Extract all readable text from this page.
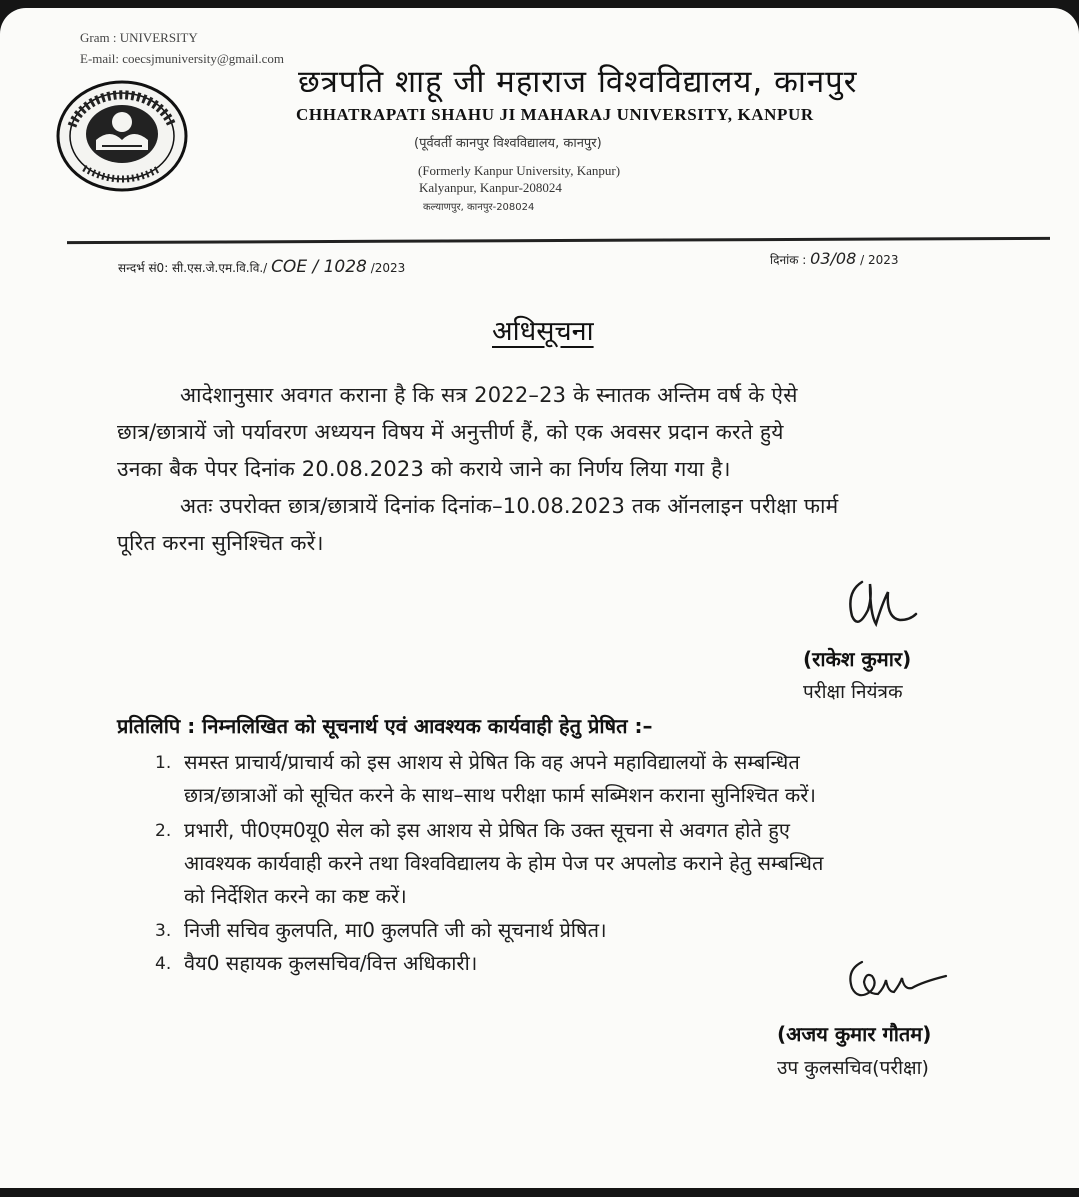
Gram : UNIVERSITY
E-mail: coecsjmuniversity@gmail.com
छत्रपति शाहू जी महाराज विश्वविद्यालय, कानपुर
CHHATRAPATI SHAHU JI MAHARAJ UNIVERSITY, KANPUR
(पूर्ववर्ती कानपुर विश्वविद्यालय, कानपुर)
(Formerly Kanpur University, Kanpur)
Kalyanpur, Kanpur-208024
कल्याणपुर, कानपुर-208024
सन्दर्भ सं0: सी.एस.जे.एम.वि.वि./ COE / 1028 /2023
दिनांक : 03/08 / 2023
अधिसूचना
आदेशानुसार अवगत कराना है कि सत्र 2022–23 के स्नातक अन्तिम वर्ष के ऐसे
छात्र/छात्रायें जो पर्यावरण अध्ययन विषय में अनुत्तीर्ण हैं, को एक अवसर प्रदान करते हुये
उनका बैक पेपर दिनांक 20.08.2023 को कराये जाने का निर्णय लिया गया है।
अतः उपरोक्त छात्र/छात्रायें दिनांक दिनांक–10.08.2023 तक ऑनलाइन परीक्षा फार्म
पूरित करना सुनिश्चित करें।
(राकेश कुमार)
परीक्षा नियंत्रक
प्रतिलिपि : निम्नलिखित को सूचनार्थ एवं आवश्यक कार्यवाही हेतु प्रेषित :–
1. समस्त प्राचार्य/प्राचार्य को इस आशय से प्रेषित कि वह अपने महाविद्यालयों के सम्बन्धित
छात्र/छात्राओं को सूचित करने के साथ–साथ परीक्षा फार्म सब्मिशन कराना सुनिश्चित करें।
2. प्रभारी, पी0एम0यू0 सेल को इस आशय से प्रेषित कि उक्त सूचना से अवगत होते हुए
आवश्यक कार्यवाही करने तथा विश्वविद्यालय के होम पेज पर अपलोड कराने हेतु सम्बन्धित
को निर्देशित करने का कष्ट करें।
3. निजी सचिव कुलपति, मा0 कुलपति जी को सूचनार्थ प्रेषित।
4. वैय0 सहायक कुलसचिव/वित्त अधिकारी।
(अजय कुमार गौतम)
उप कुलसचिव(परीक्षा)
